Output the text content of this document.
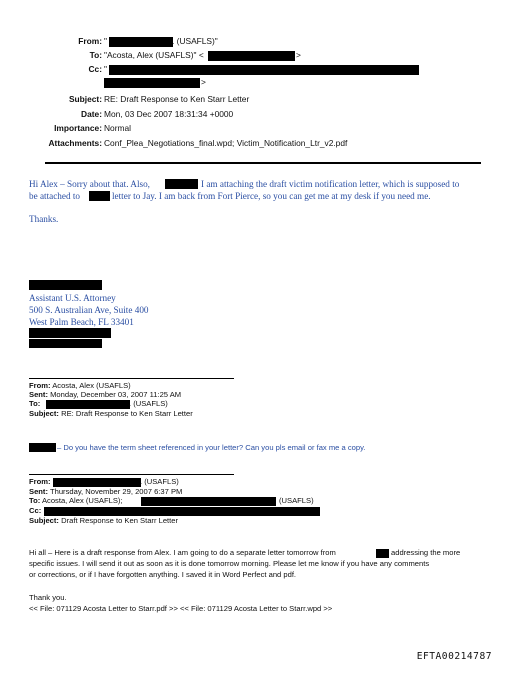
From: "	. (USAFLS)"
To: "Acosta, Alex (USAFLS)" <	>
Cc: "
>
Subject: RE: Draft Response to Ken Starr Letter
Date: Mon, 03 Dec 2007 18:31:34 +0000
Importance: Normal
Attachments: Conf_Plea_Negotiations_final.wpd; Victim_Notification_Ltr_v2.pdf
Hi Alex – Sorry about that. Also,	I am attaching the draft victim notification letter, which is supposed to
be attached to	letter to Jay. I am back from Fort Pierce, so you can get me at my desk if you need me.
Thanks.
Assistant U.S. Attorney
500 S. Australian Ave, Suite 400
West Palm Beach, FL 33401
From: Acosta, Alex (USAFLS)
Sent: Monday, December 03, 2007 11:25 AM
To:	. (USAFLS)
Subject: RE: Draft Response to Ken Starr Letter
– Do you have the term sheet referenced in your letter? Can you pls email or fax me a copy.
From:	. (USAFLS)
Sent: Thursday, November 29, 2007 6:37 PM
To: Acosta, Alex (USAFLS);	(USAFLS)
Cc:
Subject: Draft Response to Ken Starr Letter
Hi all – Here is a draft response from Alex. I am going to do a separate letter tomorrow from	addressing the more
specific issues. I will send it out as soon as it is done tomorrow morning. Please let me know if you have any comments
or corrections, or if I have forgotten anything. I saved it in Word Perfect and pdf.
Thank you.
<< File: 071129 Acosta Letter to Starr.pdf >> << File: 071129 Acosta Letter to Starr.wpd >>
EFTA00214787
